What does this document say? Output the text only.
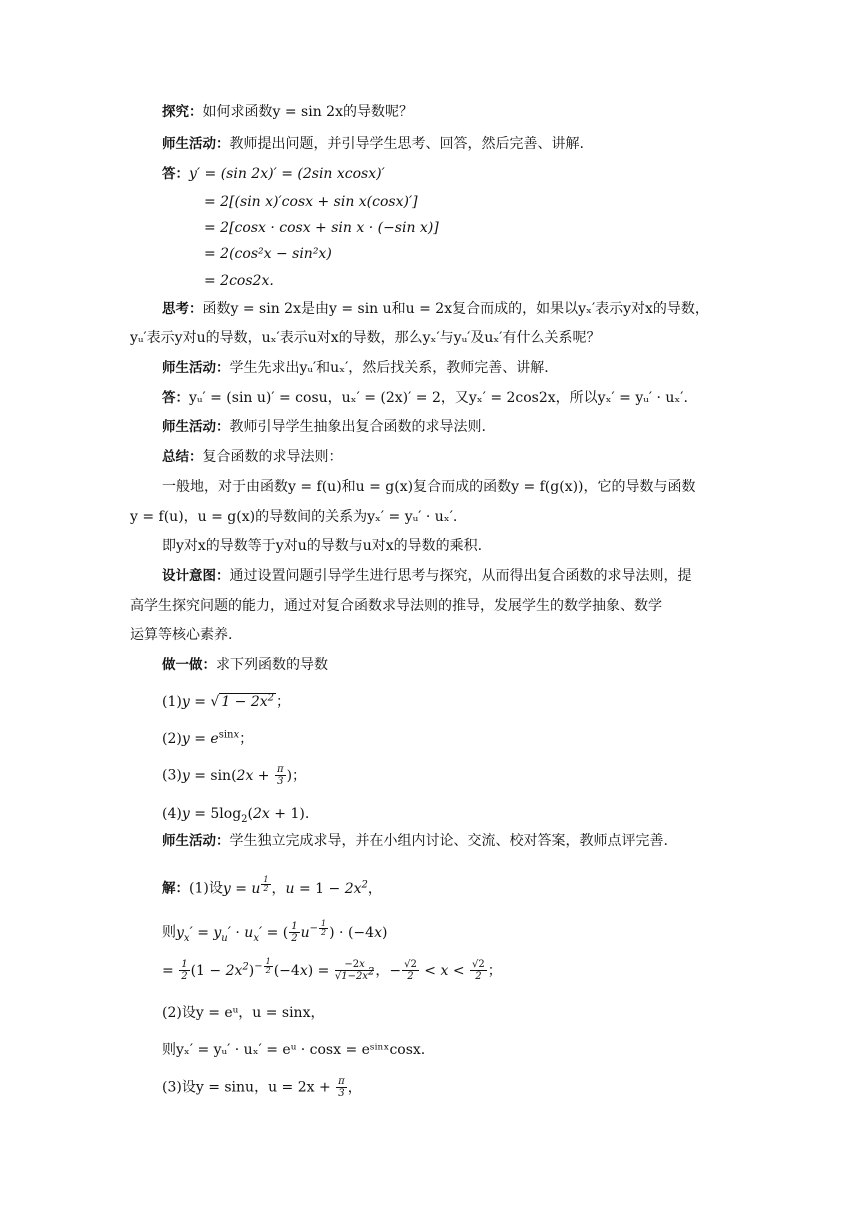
探究：如何求函数y = sin 2x的导数呢？
师生活动：教师提出问题，并引导学生思考、回答，然后完善、讲解.
答：y′ = (sin 2x)′ = (2sin xcosx)′
= 2[(sin x)′cosx + sin x(cosx)′]
= 2[cosx · cosx + sin x · (−sin x)]
= 2(cos²x − sin²x)
= 2cos2x.
思考：函数y = sin 2x是由y = sin u和u = 2x复合而成的，如果以yₓ′表示y对x的导数，
yᵤ′表示y对u的导数，uₓ′表示u对x的导数，那么yₓ′与yᵤ′及uₓ′有什么关系呢？
师生活动：学生先求出yᵤ′和uₓ′，然后找关系，教师完善、讲解.
答：yᵤ′ = (sin u)′ = cosu，uₓ′ = (2x)′ = 2，又yₓ′ = 2cos2x，所以yₓ′ = yᵤ′ · uₓ′.
师生活动：教师引导学生抽象出复合函数的求导法则.
总结：复合函数的求导法则：
一般地，对于由函数y = f(u)和u = g(x)复合而成的函数y = f(g(x))，它的导数与函数
y = f(u)，u = g(x)的导数间的关系为yₓ′ = yᵤ′ · uₓ′.
即y对x的导数等于y对u的导数与u对x的导数的乘积.
设计意图：通过设置问题引导学生进行思考与探究，从而得出复合函数的求导法则，提
高学生探究问题的能力，通过对复合函数求导法则的推导，发展学生的数学抽象、数学
运算等核心素养.
做一做：求下列函数的导数
(1)y = √ $1 - 2x^2$ ；
$(2)y = e^{sinx}$；
$(3)y = \sin(2x + \frac{\pi}{3}$ )；
$(4)y = 5\log_2(2x + 1)$.
师生活动：学生独立完成求导，并在小组内讨论、交流、校对答案，教师点评完善.
解：(1)设y = u $^{\frac{1}{2}}$ ，$u = 1 - 2x^2$，
则$y_x' = y_u' \cdot u_x'$ = ( $\frac{1}{2} u^{- \frac{1}{2}}$ ) · (−4x)
= $\frac{1}{2} (1 - 2x^2)^{- \frac{1}{2}}$ $(-4x) = \frac{-2x}{√1-2x^2}$ ，− $\frac{√2}{2} < x < \frac{√2}{2}$ ；
(2)设y = eᵘ，u = sinx，
则yₓ′ = yᵤ′ · uₓ′ = eᵘ · cosx = eˢⁱⁿˣcosx.
(3)设y = sinu，$u = 2x + \frac{\pi}{3}$ ，
